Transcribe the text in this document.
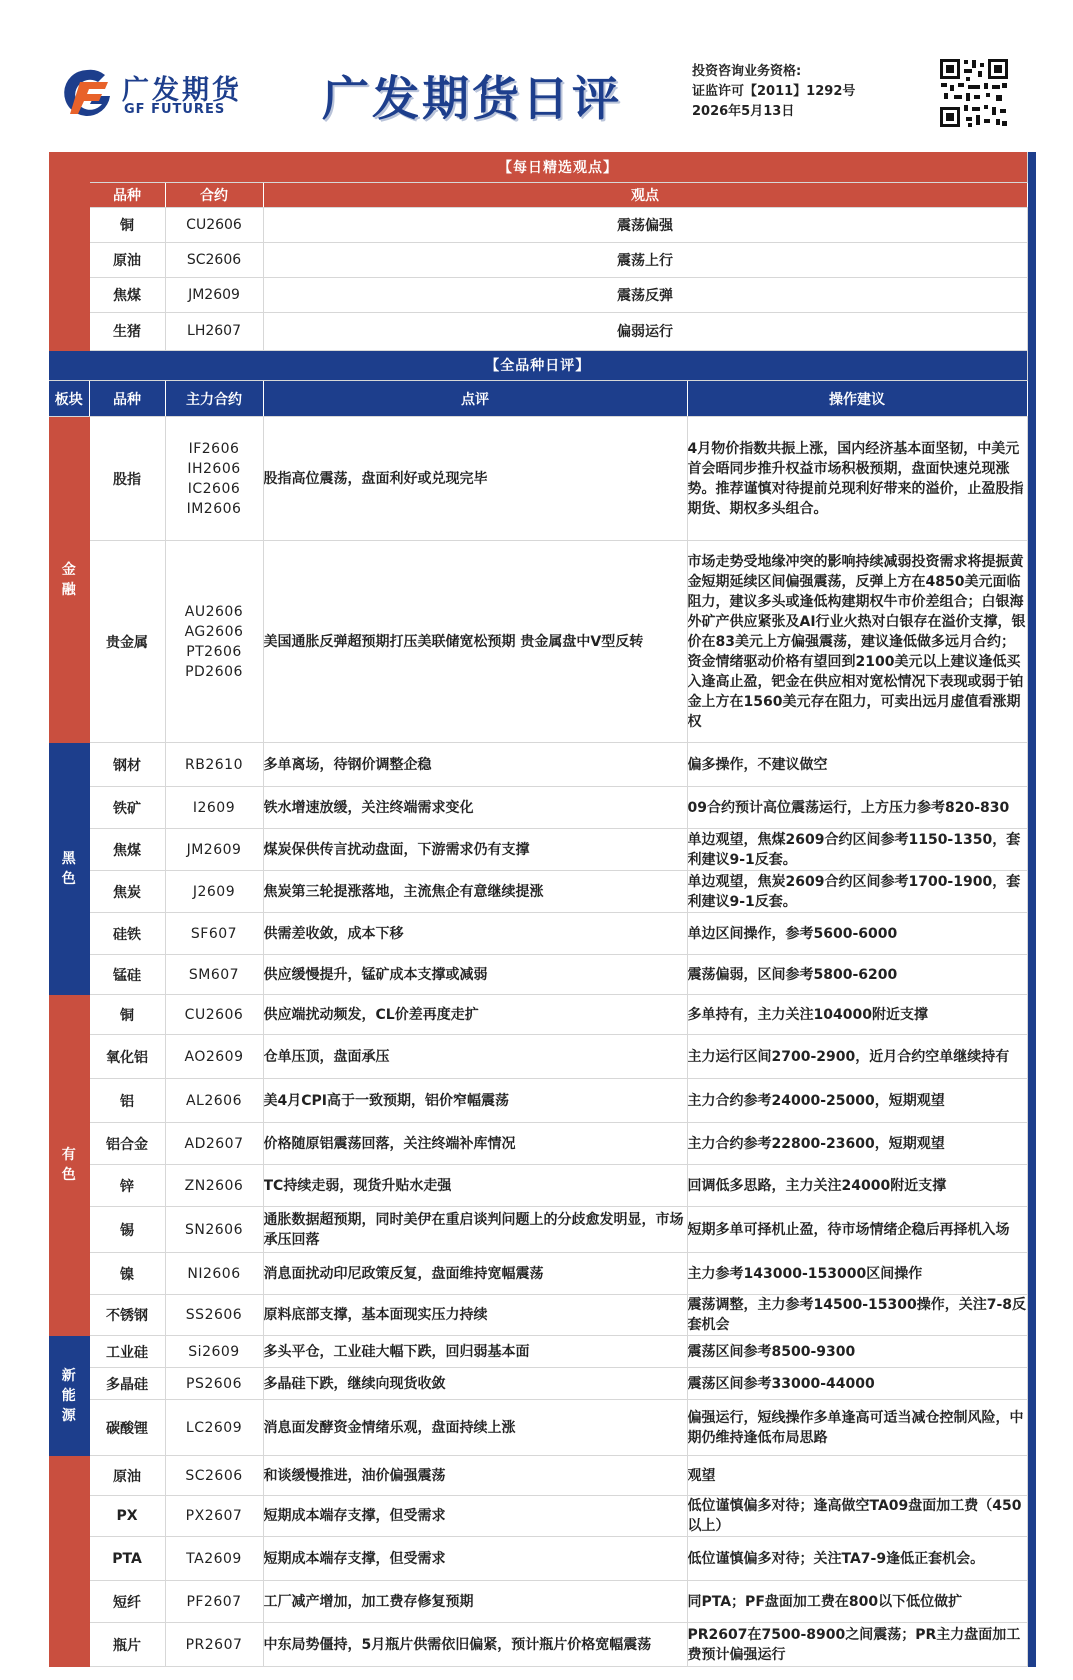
广发期货
GF FUTURES 广发期货日评
投资咨询业务资格:
证监许可【2011】1292号
2026年5月13日
	【每日精选观点】			
	品种	合约	观点	
	铜	CU2606	震荡偏强	
	原油	SC2606	震荡上行	
	焦煤	JM2609	震荡反弹	
	生猪	LH2607	偏弱运行	
【全品种日评】					
板块	品种	主力合约	点评	操作建议	
金融	股指	IF2606
IH2606
IC2606
IM2606	股指高位震荡，盘面利好或兑现完毕	4月物价指数共振上涨，国内经济基本面坚韧，中美元首会晤同步推升权益市场积极预期，盘面快速兑现涨势。推荐谨慎对待提前兑现利好带来的溢价，止盈股指期货、期权多头组合。	
	贵金属	AU2606
AG2606
PT2606
PD2606	美国通胀反弹超预期打压美联储宽松预期 贵金属盘中V型反转	市场走势受地缘冲突的影响持续减弱投资需求将提振黄金短期延续区间偏强震荡，反弹上方在4850美元面临阻力，建议多头或逢低构建期权牛市价差组合；白银海外矿产供应紧张及AI行业火热对白银存在溢价支撑，银价在83美元上方偏强震荡，建议逢低做多远月合约；资金情绪驱动价格有望回到2100美元以上建议逢低买入逢高止盈，钯金在供应相对宽松情况下表现或弱于铂金上方在1560美元存在阻力，可卖出远月虚值看涨期权	
黑色	钢材	RB2610	多单离场，待钢价调整企稳	偏多操作，不建议做空	
	铁矿	I2609	铁水增速放缓，关注终端需求变化	09合约预计高位震荡运行，上方压力参考820-830	
	焦煤	JM2609	煤炭保供传言扰动盘面，下游需求仍有支撑	单边观望，焦煤2609合约区间参考1150-1350，套利建议9-1反套。	
	焦炭	J2609	焦炭第三轮提涨落地，主流焦企有意继续提涨	单边观望，焦炭2609合约区间参考1700-1900，套利建议9-1反套。	
	硅铁	SF607	供需差收敛，成本下移	单边区间操作，参考5600-6000	
	锰硅	SM607	供应缓慢提升，锰矿成本支撑或减弱	震荡偏弱，区间参考5800-6200	
有色	铜	CU2606	供应端扰动频发，CL价差再度走扩	多单持有，主力关注104000附近支撑	
	氧化铝	AO2609	仓单压顶，盘面承压	主力运行区间2700-2900，近月合约空单继续持有	
	铝	AL2606	美4月CPI高于一致预期，铝价窄幅震荡	主力合约参考24000-25000，短期观望	
	铝合金	AD2607	价格随原铝震荡回落，关注终端补库情况	主力合约参考22800-23600，短期观望	
	锌	ZN2606	TC持续走弱，现货升贴水走强	回调低多思路，主力关注24000附近支撑	
	锡	SN2606	通胀数据超预期，同时美伊在重启谈判问题上的分歧愈发明显，市场承压回落	短期多单可择机止盈，待市场情绪企稳后再择机入场	
	镍	NI2606	消息面扰动印尼政策反复，盘面维持宽幅震荡	主力参考143000-153000区间操作	
	不锈钢	SS2606	原料底部支撑，基本面现实压力持续	震荡调整，主力参考14500-15300操作，关注7-8反套机会	
新能源	工业硅	Si2609	多头平仓，工业硅大幅下跌，回归弱基本面	震荡区间参考8500-9300	
	多晶硅	PS2606	多晶硅下跌，继续向现货收敛	震荡区间参考33000-44000	
	碳酸锂	LC2609	消息面发酵资金情绪乐观，盘面持续上涨	偏强运行，短线操作多单逢高可适当减仓控制风险，中期仍维持逢低布局思路	
	原油	SC2606	和谈缓慢推进，油价偏强震荡	观望	
	PX	PX2607	短期成本端存支撑，但受需求	低位谨慎偏多对待；逢高做空TA09盘面加工费（450以上）	
	PTA	TA2609	短期成本端存支撑，但受需求	低位谨慎偏多对待；关注TA7-9逢低正套机会。	
	短纤	PF2607	工厂减产增加，加工费存修复预期	同PTA；PF盘面加工费在800以下低位做扩	
	瓶片	PR2607	中东局势僵持，5月瓶片供需依旧偏紧，预计瓶片价格宽幅震荡	PR2607在7500-8900之间震荡；PR主力盘面加工费预计偏强运行	
